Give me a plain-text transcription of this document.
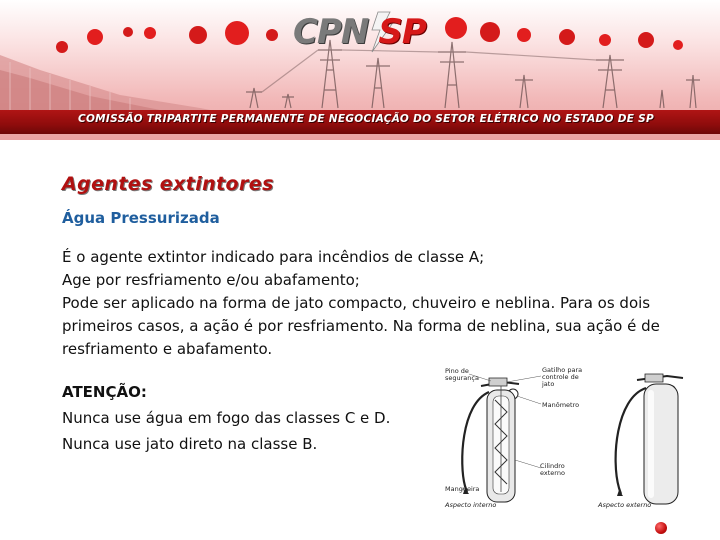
CPN SP
COMISSÃO TRIPARTITE PERMANENTE DE NEGOCIAÇÃO DO SETOR ELÉTRICO NO ESTADO DE SP
Agentes extintores
Água Pressurizada

É o agente extintor indicado para incêndios de classe A;

Age por resfriamento e/ou abafamento;

Pode ser aplicado na forma de jato compacto, chuveiro e neblina. Para os dois primeiros casos, a ação é por resfriamento. Na forma de neblina, sua ação é de resfriamento e abafamento.

ATENÇÃO:

Nunca use água em fogo das classes C e D.

Nunca use jato direto na classe B.

Pino de
segurança
Gatilho para
controle de
jato
Manômetro
Cilindro
externo
Mangueira
Aspecto interno	Aspecto externo
